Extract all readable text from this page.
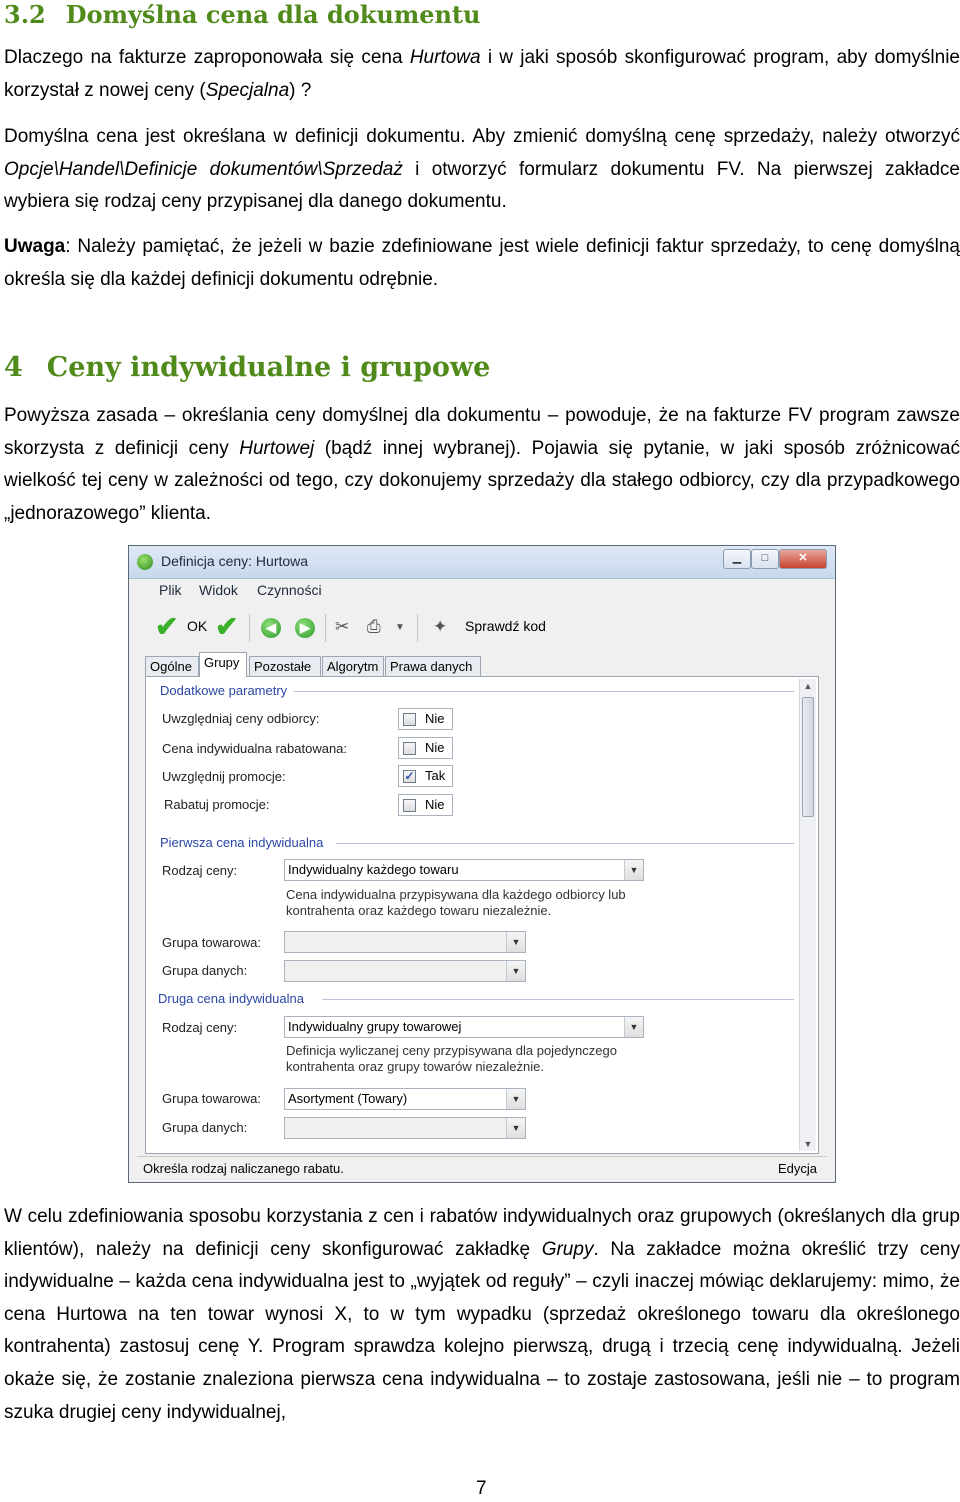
3.2 Domyślna cena dla dokumentu
Dlaczego na fakturze zaproponowała się cena Hurtowa i w jaki sposób skonfigurować program, aby domyślnie korzystał z nowej ceny (Specjalna) ?
Domyślna cena jest określana w definicji dokumentu. Aby zmienić domyślną cenę sprzedaży, należy otworzyć Opcje\Handel\Definicje dokumentów\Sprzedaż i otworzyć formularz dokumentu FV. Na pierwszej zakładce wybiera się rodzaj ceny przypisanej dla danego dokumentu.
Uwaga: Należy pamiętać, że jeżeli w bazie zdefiniowane jest wiele definicji faktur sprzedaży, to cenę domyślną określa się dla każdej definicji dokumentu odrębnie.
4 Ceny indywidualne i grupowe
Powyższa zasada – określania ceny domyślnej dla dokumentu – powoduje, że na fakturze FV program zawsze skorzysta z definicji ceny Hurtowej (bądź innej wybranej). Pojawia się pytanie, w jaki sposób zróżnicować wielkość tej ceny w zależności od tego, czy dokonujemy sprzedaży dla stałego odbiorcy, czy dla przypadkowego „jednorazowego” klienta.
Definicja ceny: Hurtowa	▁	□	✕
Plik Widok Czynności
✔ OK ✔	◀	▶ ✂ ⎙ ▼ ✦ Sprawdź kod
Ogólne Grupy	Pozostałe	Algorytm Prawa danych
Dodatkowe parametry
Uwzględniaj ceny odbiorcy:	Nie
Cena indywidualna rabatowana:	Nie
Uwzględnij promocje:	✓ Tak
Rabatuj promocje:	Nie
Pierwsza cena indywidualna
Rodzaj ceny:	Indywidualny każdego towaru	▼
Cena indywidualna przypisywana dla każdego odbiorcy lub
kontrahenta oraz każdego towaru niezależnie.
Grupa towarowa:	▼
Grupa danych:	▼
Druga cena indywidualna
Rodzaj ceny:	Indywidualny grupy towarowej	▼
Definicja wyliczanej ceny przypisywana dla pojedynczego
kontrahenta oraz grupy towarów niezależnie.
Grupa towarowa: Asortyment (Towary)	▼
Grupa danych:	▼
▲
▼
Określa rodzaj naliczanego rabatu.	Edycja
W celu zdefiniowania sposobu korzystania z cen i rabatów indywidualnych oraz grupowych (określanych dla grup klientów), należy na definicji ceny skonfigurować zakładkę Grupy. Na zakładce można określić trzy ceny indywidualne – każda cena indywidualna jest to „wyjątek od reguły” – czyli inaczej mówiąc deklarujemy: mimo, że cena Hurtowa na ten towar wynosi X, to w tym wypadku (sprzedaż określonego towaru dla określonego kontrahenta) zastosuj cenę Y. Program sprawdza kolejno pierwszą, drugą i trzecią cenę indywidualną. Jeżeli okaże się, że zostanie znaleziona pierwsza cena indywidualna – to zostaje zastosowana, jeśli nie – to program szuka drugiej ceny indywidualnej,
7
